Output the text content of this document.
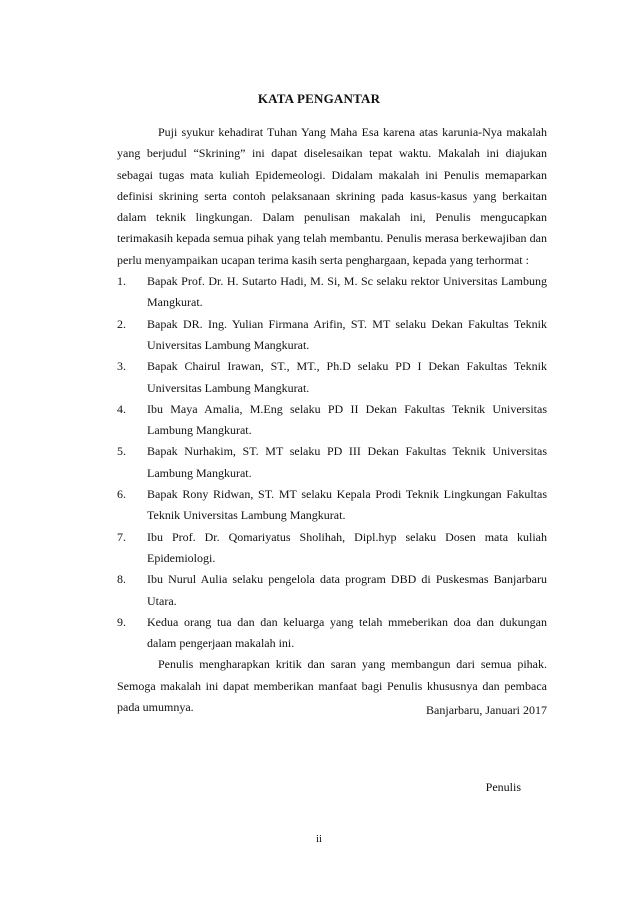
KATA PENGANTAR

Puji syukur kehadirat Tuhan Yang Maha Esa karena atas karunia-Nya makalah yang berjudul “Skrining” ini dapat diselesaikan tepat waktu. Makalah ini diajukan sebagai tugas mata kuliah Epidemeologi. Didalam makalah ini Penulis memaparkan definisi skrining serta contoh pelaksanaan skrining pada kasus-kasus yang berkaitan dalam teknik lingkungan. Dalam penulisan makalah ini, Penulis mengucapkan terimakasih kepada semua pihak yang telah membantu. Penulis merasa berkewajiban dan perlu menyampaikan ucapan terima kasih serta penghargaan, kepada yang terhormat :

1. Bapak Prof. Dr. H. Sutarto Hadi, M. Si, M. Sc selaku rektor Universitas Lambung Mangkurat.
2. Bapak DR. Ing. Yulian Firmana Arifin, ST. MT selaku Dekan Fakultas Teknik Universitas Lambung Mangkurat.
3. Bapak Chairul Irawan, ST., MT., Ph.D selaku PD I Dekan Fakultas Teknik Universitas Lambung Mangkurat.
4. Ibu Maya Amalia, M.Eng selaku PD II Dekan Fakultas Teknik Universitas Lambung Mangkurat.
5. Bapak Nurhakim, ST. MT selaku PD III Dekan Fakultas Teknik Universitas Lambung Mangkurat.
6. Bapak Rony Ridwan, ST. MT selaku Kepala Prodi Teknik Lingkungan Fakultas Teknik Universitas Lambung Mangkurat.
7. Ibu Prof. Dr. Qomariyatus Sholihah, Dipl.hyp selaku Dosen mata kuliah Epidemiologi.
8. Ibu Nurul Aulia selaku pengelola data program DBD di Puskesmas Banjarbaru Utara.
9. Kedua orang tua dan dan keluarga yang telah mmeberikan doa dan dukungan dalam pengerjaan makalah ini.

Penulis mengharapkan kritik dan saran yang membangun dari semua pihak. Semoga makalah ini dapat memberikan manfaat bagi Penulis khususnya dan pembaca pada umumnya.	Banjarbaru, Januari 2017
Penulis
ii
